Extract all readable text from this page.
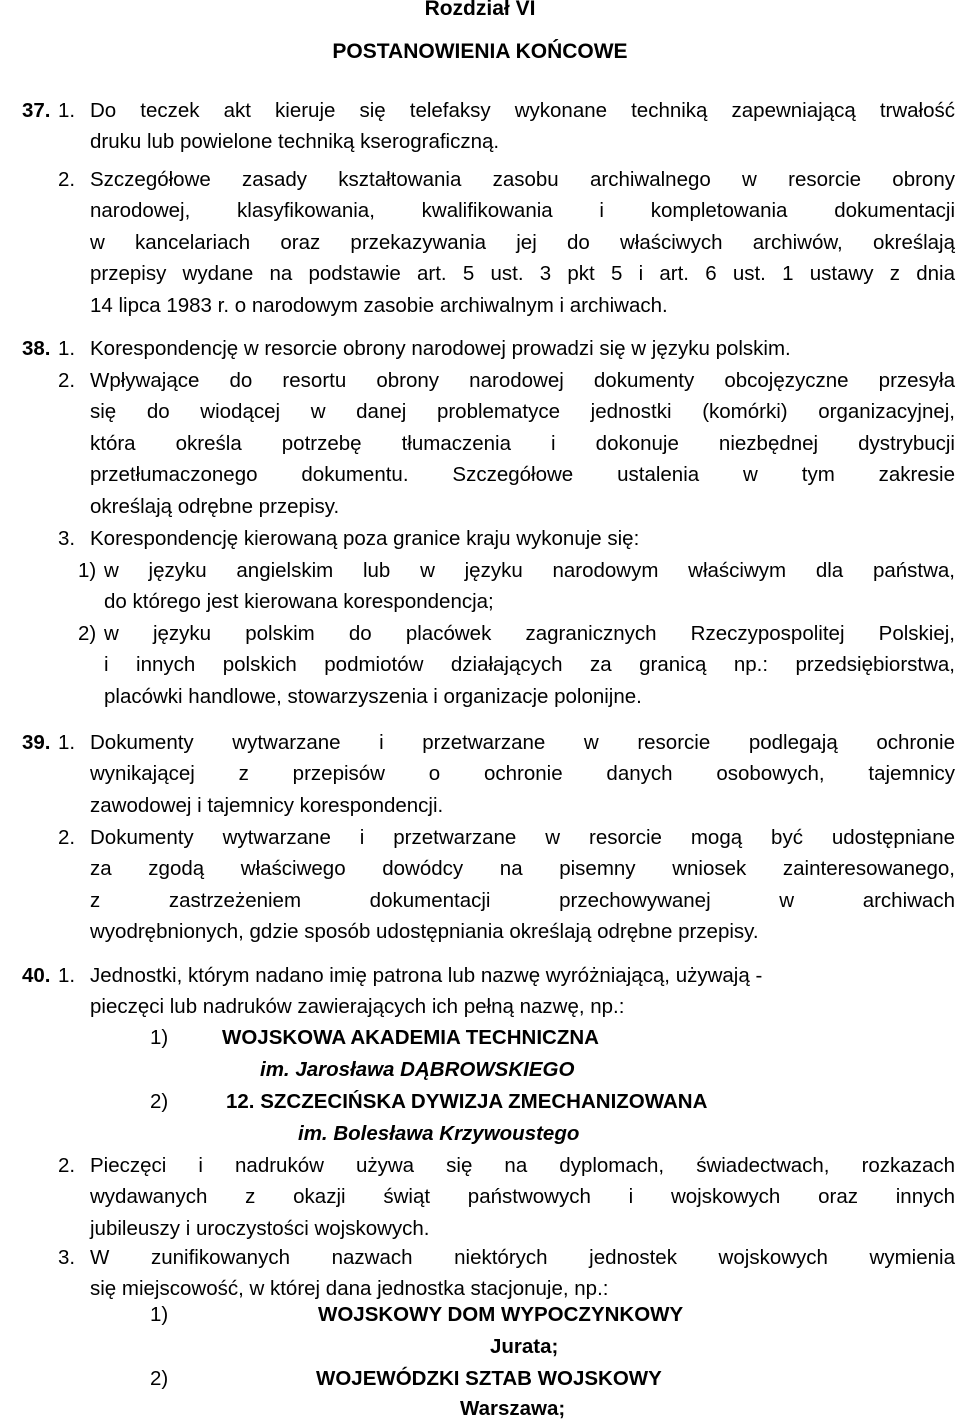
Rozdział VI
POSTANOWIENIA KOŃCOWE
37. 1. Do teczek akt kieruje się telefaksy wykonane techniką zapewniającą trwałość
druku lub powielone techniką kserograficzną.
2. Szczegółowe zasady kształtowania zasobu archiwalnego w resorcie obrony
narodowej, klasyfikowania, kwalifikowania i kompletowania dokumentacji
w kancelariach oraz przekazywania jej do właściwych archiwów, określają
przepisy wydane na podstawie art. 5 ust. 3 pkt 5 i art. 6 ust. 1 ustawy z dnia
14 lipca 1983 r. o narodowym zasobie archiwalnym i archiwach.
38. 1. Korespondencję w resorcie obrony narodowej prowadzi się w języku polskim.
2. Wpływające do resortu obrony narodowej dokumenty obcojęzyczne przesyła
się do wiodącej w danej problematyce jednostki (komórki) organizacyjnej,
która określa potrzebę tłumaczenia i dokonuje niezbędnej dystrybucji
przetłumaczonego dokumentu. Szczegółowe ustalenia w tym zakresie
określają odrębne przepisy.
3. Korespondencję kierowaną poza granice kraju wykonuje się:
1) w języku angielskim lub w języku narodowym właściwym dla państwa,
do którego jest kierowana korespondencja;
2) w języku polskim do placówek zagranicznych Rzeczypospolitej Polskiej,
i innych polskich podmiotów działających za granicą np.: przedsiębiorstwa,
placówki handlowe, stowarzyszenia i organizacje polonijne.
39. 1. Dokumenty wytwarzane i przetwarzane w resorcie podlegają ochronie
wynikającej z przepisów o ochronie danych osobowych, tajemnicy
zawodowej i tajemnicy korespondencji.
2. Dokumenty wytwarzane i przetwarzane w resorcie mogą być udostępniane
za zgodą właściwego dowódcy na pisemny wniosek zainteresowanego,
z zastrzeżeniem dokumentacji przechowywanej w archiwach
wyodrębnionych, gdzie sposób udostępniania określają odrębne przepisy.
40. 1. Jednostki, którym nadano imię patrona lub nazwę wyróżniającą, używają -
pieczęci lub nadruków zawierających ich pełną nazwę, np.:
1)	WOJSKOWA AKADEMIA TECHNICZNA
im. Jarosława DĄBROWSKIEGO
2)	12. SZCZECIŃSKA DYWIZJA ZMECHANIZOWANA
im. Bolesława Krzywoustego
2. Pieczęci i nadruków używa się na dyplomach, świadectwach, rozkazach
wydawanych z okazji świąt państwowych i wojskowych oraz innych
jubileuszy i uroczystości wojskowych.
3. W zunifikowanych nazwach niektórych jednostek wojskowych wymienia
się miejscowość, w której dana jednostka stacjonuje, np.:
1)	WOJSKOWY DOM WYPOCZYNKOWY
Jurata;
2)	WOJEWÓDZKI SZTAB WOJSKOWY
Warszawa;
